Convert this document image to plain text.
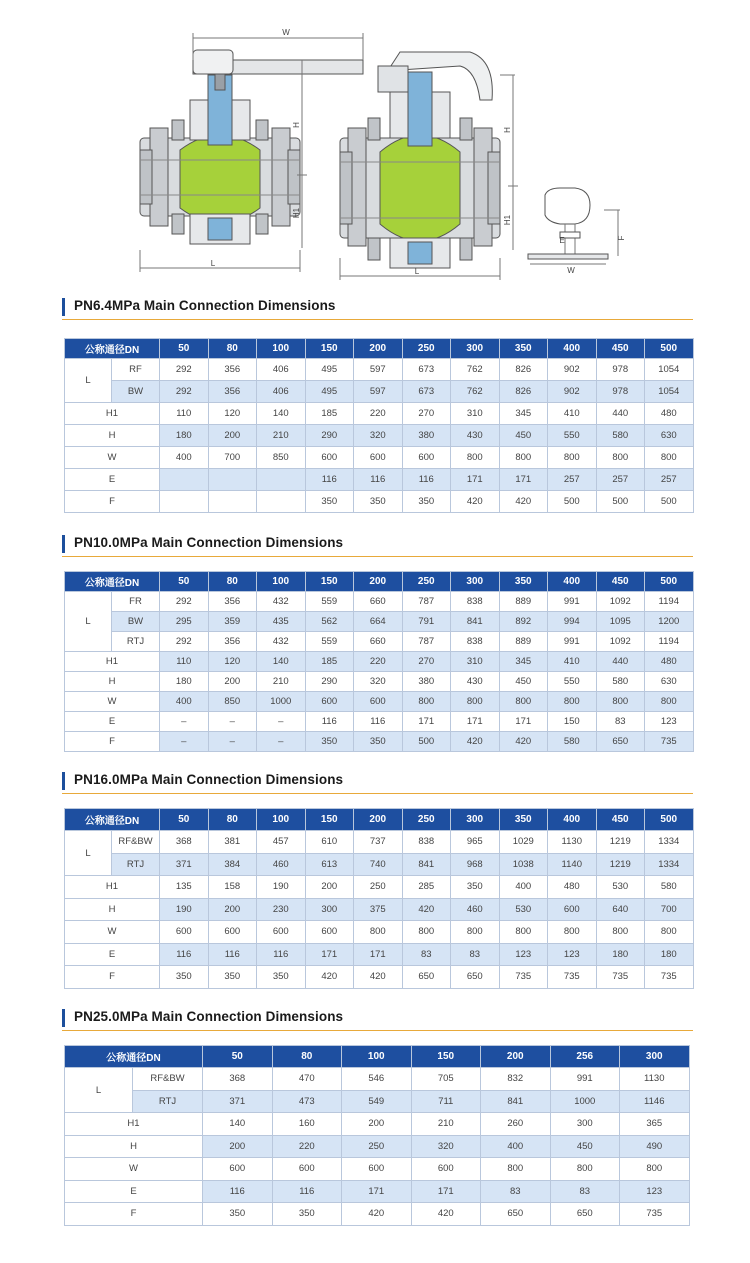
W
H
H1
L
H
H1
L	W
F
E
PN6.4MPa Main Connection Dimensions
公称通径DN		50	80	100	150	200	250	300	350	400	450	500
L	RF	292	356	406	495	597	673	762	826	902	978	1054
	BW	292	356	406	495	597	673	762	826	902	978	1054
H1		110	120	140	185	220	270	310	345	410	440	480
H		180	200	210	290	320	380	430	450	550	580	630
W		400	700	850	600	600	600	800	800	800	800	800
E					116	116	116	171	171	257	257	257
F					350	350	350	420	420	500	500	500
PN10.0MPa Main Connection Dimensions
公称通径DN		50	80	100	150	200	250	300	350	400	450	500
L	FR	292	356	432	559	660	787	838	889	991	1092	1194
	BW	295	359	435	562	664	791	841	892	994	1095	1200
	RTJ	292	356	432	559	660	787	838	889	991	1092	1194
H1		110	120	140	185	220	270	310	345	410	440	480
H		180	200	210	290	320	380	430	450	550	580	630
W		400	850	1000	600	600	800	800	800	800	800	800
E		–	–	–	116	116	171	171	171	150	83	123
F		–	–	–	350	350	500	420	420	580	650	735
PN16.0MPa Main Connection Dimensions
公称通径DN		50	80	100	150	200	250	300	350	400	450	500
L	RF&BW	368	381	457	610	737	838	965	1029	1130	1219	1334
	RTJ	371	384	460	613	740	841	968	1038	1140	1219	1334
H1		135	158	190	200	250	285	350	400	480	530	580
H		190	200	230	300	375	420	460	530	600	640	700
W		600	600	600	600	800	800	800	800	800	800	800
E		116	116	116	171	171	83	83	123	123	180	180
F		350	350	350	420	420	650	650	735	735	735	735
PN25.0MPa Main Connection Dimensions
公称通径DN		50	80	100	150	200	256	300
L	RF&BW	368	470	546	705	832	991	1130
	RTJ	371	473	549	711	841	1000	1146
H1		140	160	200	210	260	300	365
H		200	220	250	320	400	450	490
W		600	600	600	600	800	800	800
E		116	116	171	171	83	83	123
F		350	350	420	420	650	650	735
